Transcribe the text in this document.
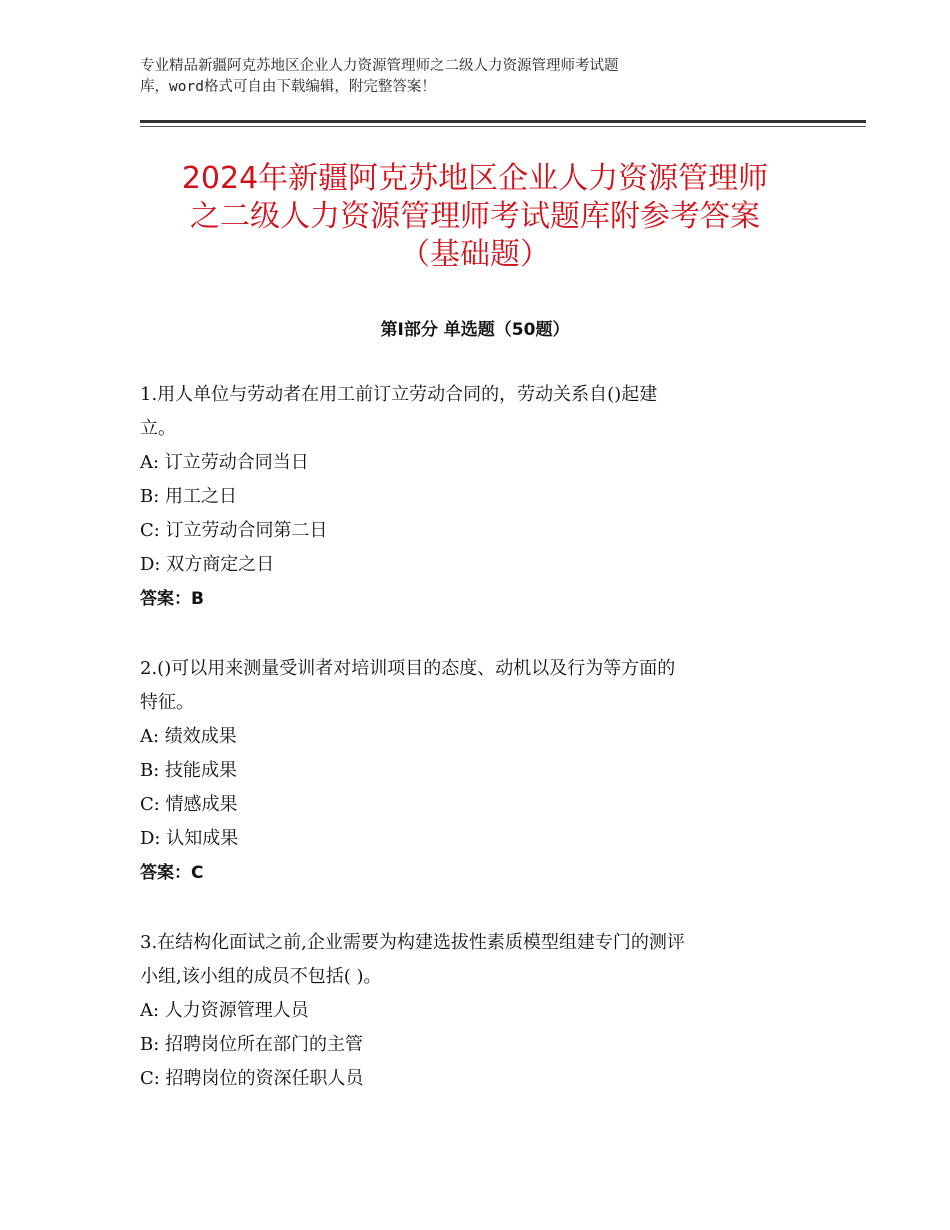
专业精品新疆阿克苏地区企业人力资源管理师之二级人力资源管理师考试题
库，word格式可自由下载编辑，附完整答案！
2024年新疆阿克苏地区企业人力资源管理师
之二级人力资源管理师考试题库附参考答案
（基础题）
第Ⅰ部分 单选题（50题）
1.用人单位与劳动者在用工前订立劳动合同的，劳动关系自()起建
立。
A: 订立劳动合同当日
B: 用工之日
C: 订立劳动合同第二日
D: 双方商定之日
答案：B
2.()可以用来测量受训者对培训项目的态度、动机以及行为等方面的
特征。
A: 绩效成果
B: 技能成果
C: 情感成果
D: 认知成果
答案：C
3.在结构化面试之前,企业需要为构建选拔性素质模型组建专门的测评
小组,该小组的成员不包括( )。
A: 人力资源管理人员
B: 招聘岗位所在部门的主管
C: 招聘岗位的资深任职人员
